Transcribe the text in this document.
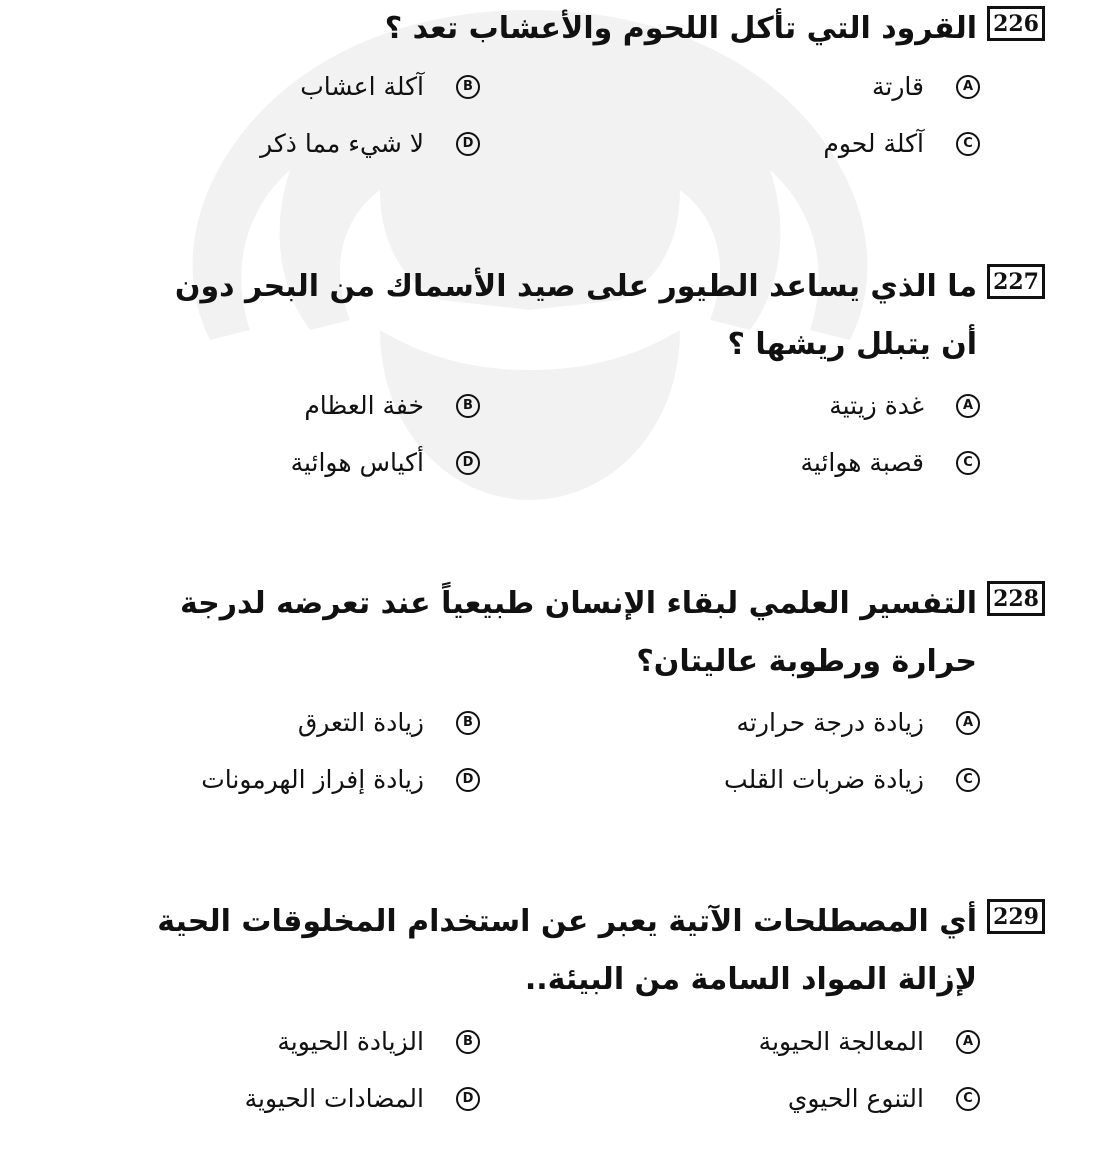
226
القرود التي تأكل اللحوم والأعشاب تعد ؟
A
قارتة
B
آكلة اعشاب
C
آكلة لحوم
D
لا شيء مما ذكر
227
ما الذي يساعد الطيور على صيد الأسماك من البحر دون أن يتبلل ريشها ؟
A
غدة زيتية
B
خفة العظام
C
قصبة هوائية
D
أكياس هوائية
228
التفسير العلمي لبقاء الإنسان طبيعياً عند تعرضه لدرجة حرارة ورطوبة عاليتان؟
A
زيادة درجة حرارته
B
زيادة التعرق
C
زيادة ضربات القلب
D
زيادة إفراز الهرمونات
229
أي المصطلحات الآتية يعبر عن استخدام المخلوقات الحية لإزالة المواد السامة من البيئة..
A
المعالجة الحيوية
B
الزيادة الحيوية
C
التنوع الحيوي
D
المضادات الحيوية
